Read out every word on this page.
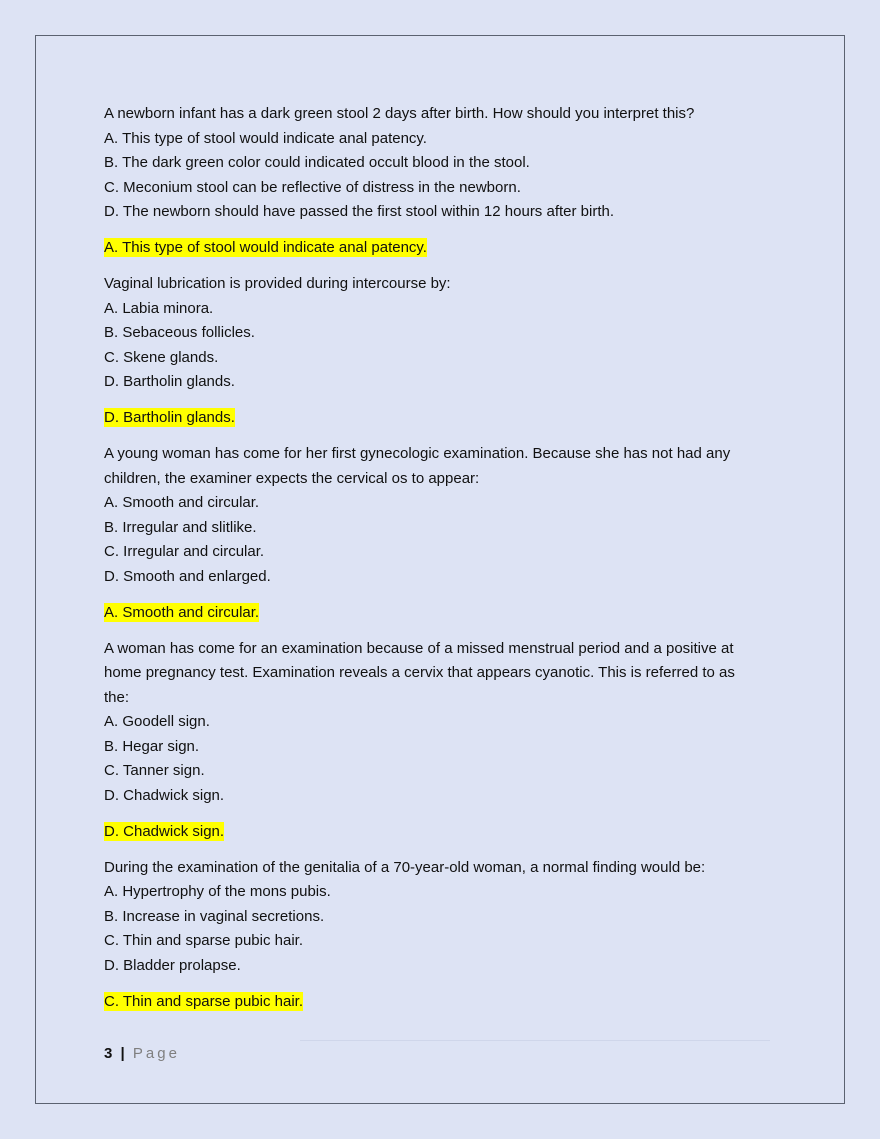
A newborn infant has a dark green stool 2 days after birth. How should you interpret this?
A. This type of stool would indicate anal patency.
B. The dark green color could indicated occult blood in the stool.
C. Meconium stool can be reflective of distress in the newborn.
D. The newborn should have passed the first stool within 12 hours after birth.
A. This type of stool would indicate anal patency.
Vaginal lubrication is provided during intercourse by:
A. Labia minora.
B. Sebaceous follicles.
C. Skene glands.
D. Bartholin glands.
D. Bartholin glands.
A young woman has come for her first gynecologic examination. Because she has not had any
children, the examiner expects the cervical os to appear:
A. Smooth and circular.
B. Irregular and slitlike.
C. Irregular and circular.
D. Smooth and enlarged.
A. Smooth and circular.
A woman has come for an examination because of a missed menstrual period and a positive at
home pregnancy test. Examination reveals a cervix that appears cyanotic. This is referred to as
the:
A. Goodell sign.
B. Hegar sign.
C. Tanner sign.
D. Chadwick sign.
D. Chadwick sign.
During the examination of the genitalia of a 70-year-old woman, a normal finding would be:
A. Hypertrophy of the mons pubis.
B. Increase in vaginal secretions.
C. Thin and sparse pubic hair.
D. Bladder prolapse.
C. Thin and sparse pubic hair.
3 | Page
